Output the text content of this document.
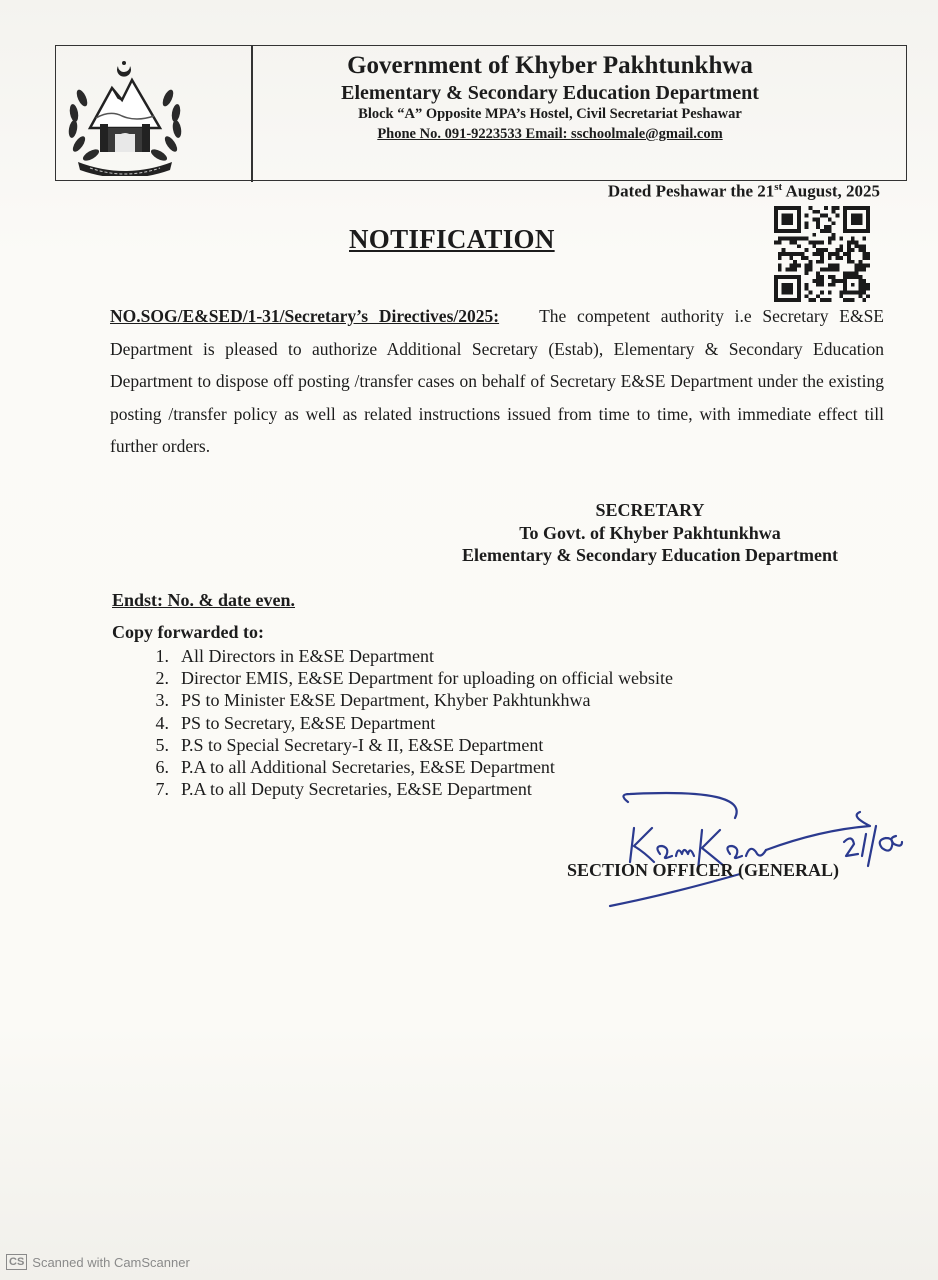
Government of Khyber Pakhtunkhwa
Elementary & Secondary Education Department
Block “A” Opposite MPA’s Hostel, Civil Secretariat Peshawar
Phone No. 091-9223533 Email: sschoolmale@gmail.com
Dated Peshawar the 21st August, 2025
NOTIFICATION
NO.SOG/E&SED/1-31/Secretary’s Directives/2025: The competent authority i.e Secretary E&SE Department is pleased to authorize Additional Secretary (Estab), Elementary & Secondary Education Department to dispose off posting /transfer cases on behalf of Secretary E&SE Department under the existing posting /transfer policy as well as related instructions issued from time to time, with immediate effect till further orders.
SECRETARY
To Govt. of Khyber Pakhtunkhwa
Elementary & Secondary Education Department
Endst: No. & date even.
Copy forwarded to:
1. All Directors in E&SE Department
2. Director EMIS, E&SE Department for uploading on official website
3. PS to Minister E&SE Department, Khyber Pakhtunkhwa
4. PS to Secretary, E&SE Department
5. P.S to Special Secretary-I & II, E&SE Department
6. P.A to all Additional Secretaries, E&SE Department
7. P.A to all Deputy Secretaries, E&SE Department
SECTION OFFICER (GENERAL)
CS Scanned with CamScanner
